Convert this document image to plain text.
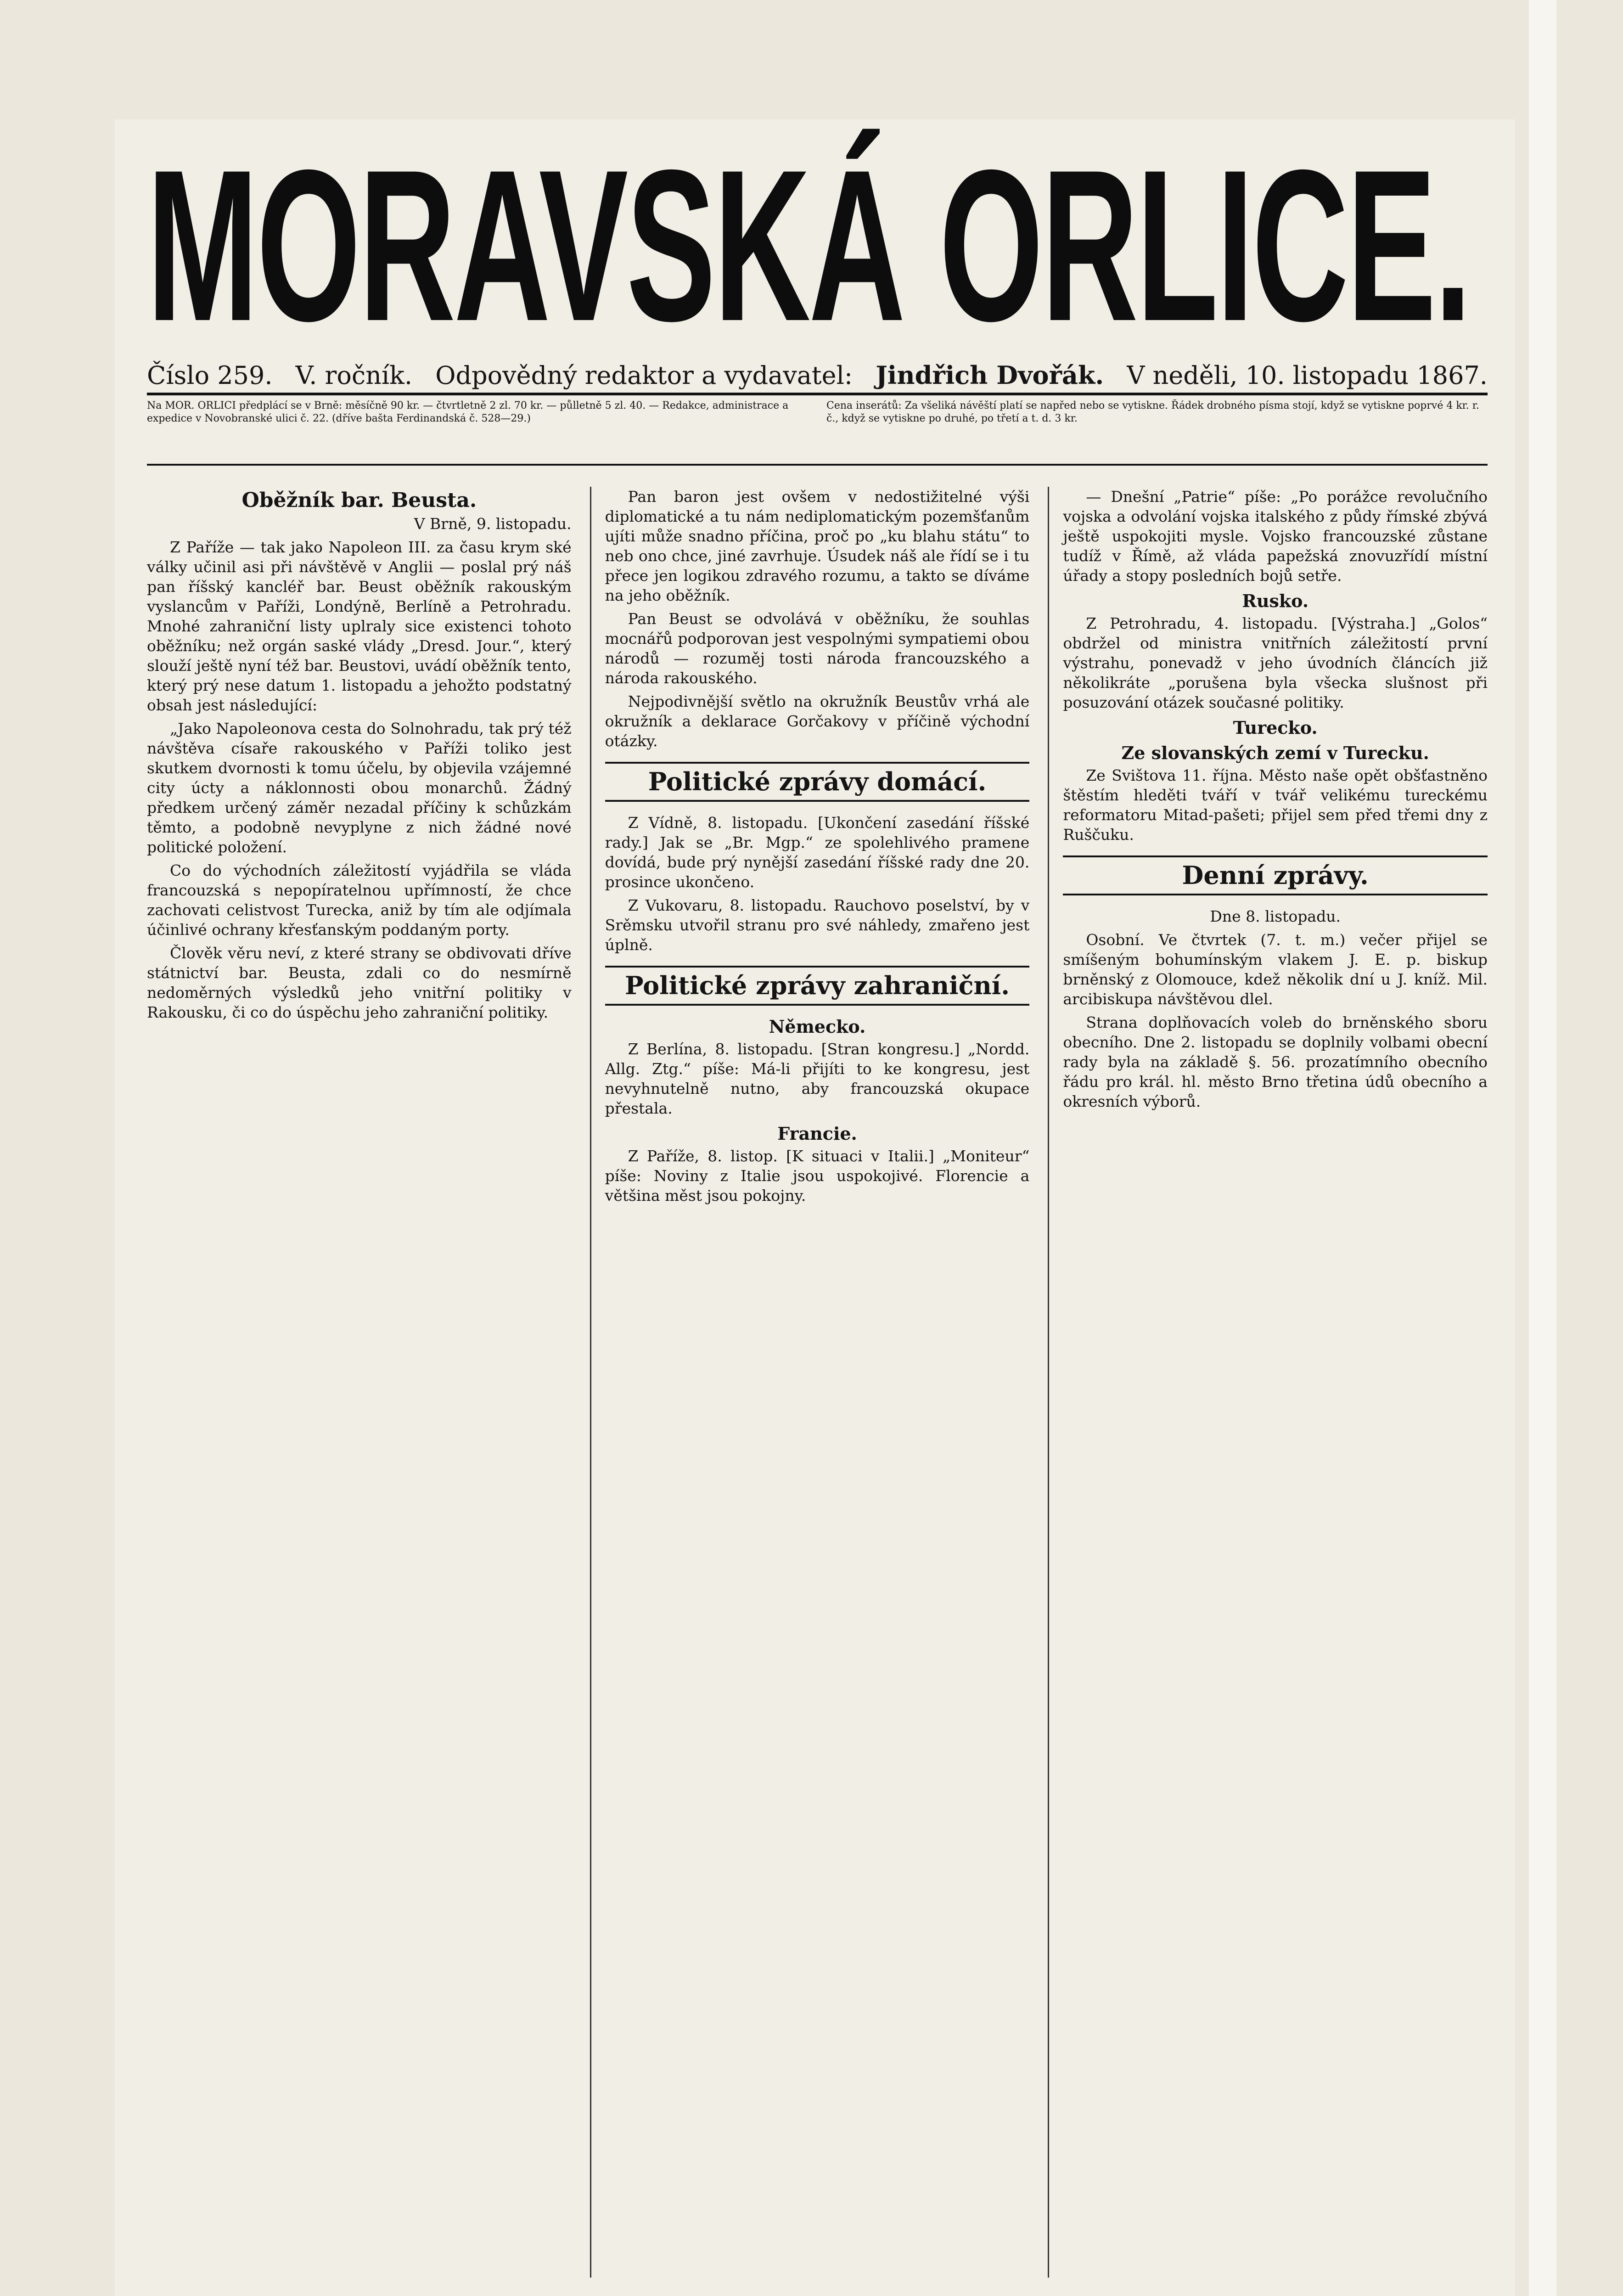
MORAVSKÁ ORLICE.
Číslo 259. V. ročník. Odpovědný redaktor a vydavatel: Jindřich Dvořák. V neděli, 10. listopadu 1867.
Na MOR. ORLICI předplácí se v Brně: měsíčně 90 kr. — čtvrtletně 2 zl. 70 kr. — půlletně 5 zl. 40. — Redakce, administrace a expedice v Novobranské ulici č. 22. (dříve bašta Ferdinandská č. 528—29.)
Cena inserátů: Za všeliká návěští platí se napřed nebo se vytiskne. Řádek drobného písma stojí, když se vytiskne poprvé 4 kr. r. č., když se vytiskne po druhé, po třetí a t. d. 3 kr.
Oběžník bar. Beusta.
V Brně, 9. listopadu.

Z Paříže — tak jako Napoleon III. za času krym ské války učinil asi při návštěvě v Anglii — poslal prý náš pan říšský kancléř bar. Beust oběžník rakouským vyslancům v Paříži, Londýně, Berlíně a Petrohradu. Mnohé zahraniční listy uplraly sice existenci tohoto oběžníku; než orgán saské vlády „Dresd. Jour.“, který slouží ještě nyní též bar. Beustovi, uvádí oběžník tento, který prý nese datum 1. listopadu a jehožto podstatný obsah jest následující:

„Jako Napoleonova cesta do Solnohradu, tak prý též návštěva císaře rakouského v Paříži toliko jest skutkem dvornosti k tomu účelu, by objevila vzájemné city úcty a náklonnosti obou monarchů. Žádný předkem určený záměr nezadal příčiny k schůzkám těmto, a podobně nevyplyne z nich žádné nové politické položení.

Co do východních záležitostí vyjádřila se vláda francouzská s nepopíratelnou upřímností, že chce zachovati celistvost Turecka, aniž by tím ale odjímala účinlivé ochrany křesťanským poddaným porty.

Člověk věru neví, z které strany se obdivovati dříve státnictví bar. Beusta, zdali co do nesmírně nedoměrných výsledků jeho vnitřní politiky v Rakousku, či co do úspěchu jeho zahraniční politiky.

Pan baron jest ovšem v nedostižitelné výši diplomatické a tu nám nediplomatickým pozemšťanům ujíti může snadno příčina, proč po „ku blahu státu“ to neb ono chce, jiné zavrhuje. Úsudek náš ale řídí se i tu přece jen logikou zdravého rozumu, a takto se díváme na jeho oběžník.

Pan Beust se odvolává v oběžníku, že souhlas mocnářů podporovan jest vespolnými sympatiemi obou národů — rozuměj tosti národa francouzského a národa rakouského.

Nejpodivnější světlo na okružník Beustův vrhá ale okružník a deklarace Gorčakovy v příčině východní otázky.

Politické zprávy domácí.

Z Vídně, 8. listopadu. [Ukončení zasedání říšské rady.] Jak se „Br. Mgp.“ ze spolehlivého pramene dovídá, bude prý nynější zasedání říšské rady dne 20. prosince ukončeno.

Z Vukovaru, 8. listopadu. Rauchovo poselství, by v Srěmsku utvořil stranu pro své náhledy, zmařeno jest úplně.

Politické zprávy zahraniční.
Německo.

Z Berlína, 8. listopadu. [Stran kongresu.] „Nordd. Allg. Ztg.“ píše: Má-li přijíti to ke kongresu, jest nevyhnutelně nutno, aby francouzská okupace přestala.

Francie.

Z Paříže, 8. listop. [K situaci v Italii.] „Moniteur“ píše: Noviny z Italie jsou uspokojivé. Florencie a většina měst jsou pokojny.

— Dnešní „Patrie“ píše: „Po porážce revolučního vojska a odvolání vojska italského z půdy římské zbývá ještě uspokojiti mysle. Vojsko francouzské zůstane tudíž v Římě, až vláda papežská znovuzřídí místní úřady a stopy posledních bojů setře.

Rusko.

Z Petrohradu, 4. listopadu. [Výstraha.] „Golos“ obdržel od ministra vnitřních záležitostí první výstrahu, ponevadž v jeho úvodních článcích již několikráte „porušena byla všecka slušnost při posuzování otázek současné politiky.

Turecko.
Ze slovanských zemí v Turecku.

Ze Svištova 11. října. Město naše opět obšťastněno štěstím hleděti tváří v tvář velikému tureckému reformatoru Mitad-pašeti; přijel sem před třemi dny z Ruščuku.

Denní zprávy.
Dne 8. listopadu.

Osobní. Ve čtvrtek (7. t. m.) večer přijel se smíšeným bohumínským vlakem J. E. p. biskup brněnský z Olomouce, kdež několik dní u J. kníž. Mil. arcibiskupa návštěvou dlel.

Strana doplňovacích voleb do brněnského sboru obecního. Dne 2. listopadu se doplnily volbami obecní rady byla na základě §. 56. prozatímního obecního řádu pro král. hl. město Brno třetina údů obecního a okresních výborů.
